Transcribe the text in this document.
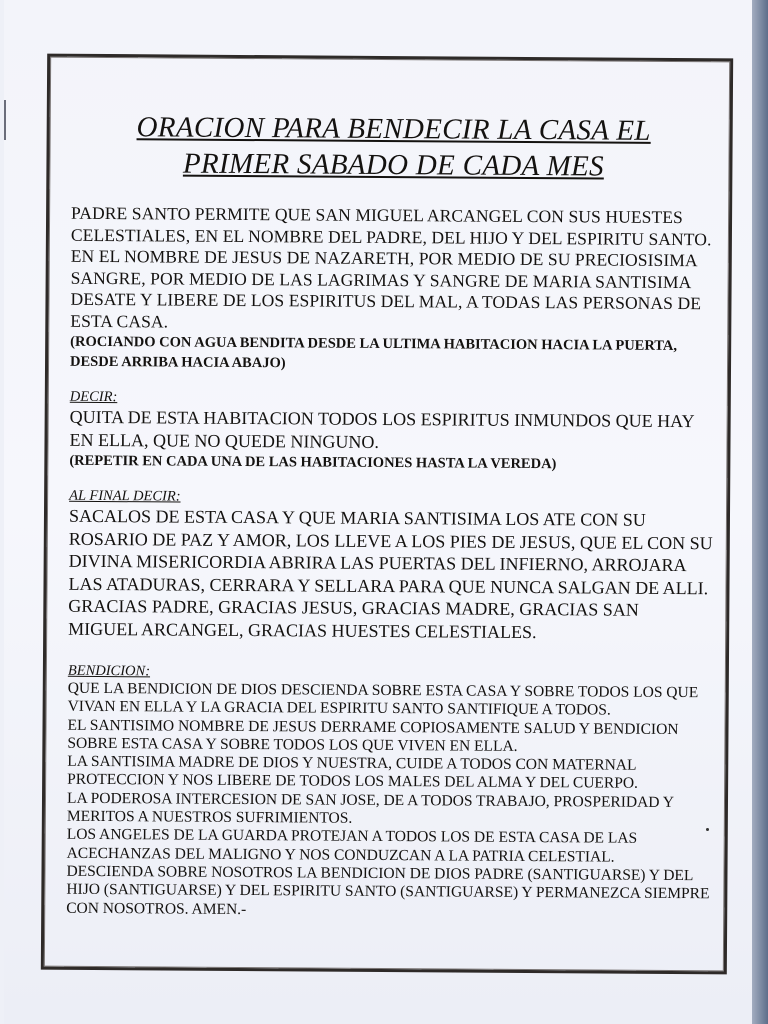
ORACION PARA BENDECIR LA CASA EL
PRIMER SABADO DE CADA MES

PADRE SANTO PERMITE QUE SAN MIGUEL ARCANGEL CON SUS HUESTES CELESTIALES, EN EL NOMBRE DEL PADRE, DEL HIJO Y DEL ESPIRITU SANTO. EN EL NOMBRE DE JESUS DE NAZARETH, POR MEDIO DE SU PRECIOSISIMA SANGRE, POR MEDIO DE LAS LAGRIMAS Y SANGRE DE MARIA SANTISIMA DESATE Y LIBERE DE LOS ESPIRITUS DEL MAL, A TODAS LAS PERSONAS DE ESTA CASA.

(ROCIANDO CON AGUA BENDITA DESDE LA ULTIMA HABITACION HACIA LA PUERTA, DESDE ARRIBA HACIA ABAJO)

DECIR:

QUITA DE ESTA HABITACION TODOS LOS ESPIRITUS INMUNDOS QUE HAY EN ELLA, QUE NO QUEDE NINGUNO.

(REPETIR EN CADA UNA DE LAS HABITACIONES HASTA LA VEREDA)

AL FINAL DECIR:

SACALOS DE ESTA CASA Y QUE MARIA SANTISIMA LOS ATE CON SU ROSARIO DE PAZ Y AMOR, LOS LLEVE A LOS PIES DE JESUS, QUE EL CON SU DIVINA MISERICORDIA ABRIRA LAS PUERTAS DEL INFIERNO, ARROJARA LAS ATADURAS, CERRARA Y SELLARA PARA QUE NUNCA SALGAN DE ALLI.

GRACIAS PADRE, GRACIAS JESUS, GRACIAS MADRE, GRACIAS SAN MIGUEL ARCANGEL, GRACIAS HUESTES CELESTIALES.

BENDICION:

QUE LA BENDICION DE DIOS DESCIENDA SOBRE ESTA CASA Y SOBRE TODOS LOS QUE VIVAN EN ELLA Y LA GRACIA DEL ESPIRITU SANTO SANTIFIQUE A TODOS.

EL SANTISIMO NOMBRE DE JESUS DERRAME COPIOSAMENTE SALUD Y BENDICION SOBRE ESTA CASA Y SOBRE TODOS LOS QUE VIVEN EN ELLA.

LA SANTISIMA MADRE DE DIOS Y NUESTRA, CUIDE A TODOS CON MATERNAL PROTECCION Y NOS LIBERE DE TODOS LOS MALES DEL ALMA Y DEL CUERPO.

LA PODEROSA INTERCESION DE SAN JOSE, DE A TODOS TRABAJO, PROSPERIDAD Y MERITOS A NUESTROS SUFRIMIENTOS.

LOS ANGELES DE LA GUARDA PROTEJAN A TODOS LOS DE ESTA CASA DE LAS ACECHANZAS DEL MALIGNO Y NOS CONDUZCAN A LA PATRIA CELESTIAL.

DESCIENDA SOBRE NOSOTROS LA BENDICION DE DIOS PADRE (SANTIGUARSE) Y DEL HIJO (SANTIGUARSE) Y DEL ESPIRITU SANTO (SANTIGUARSE) Y PERMANEZCA SIEMPRE CON NOSOTROS. AMEN.-
